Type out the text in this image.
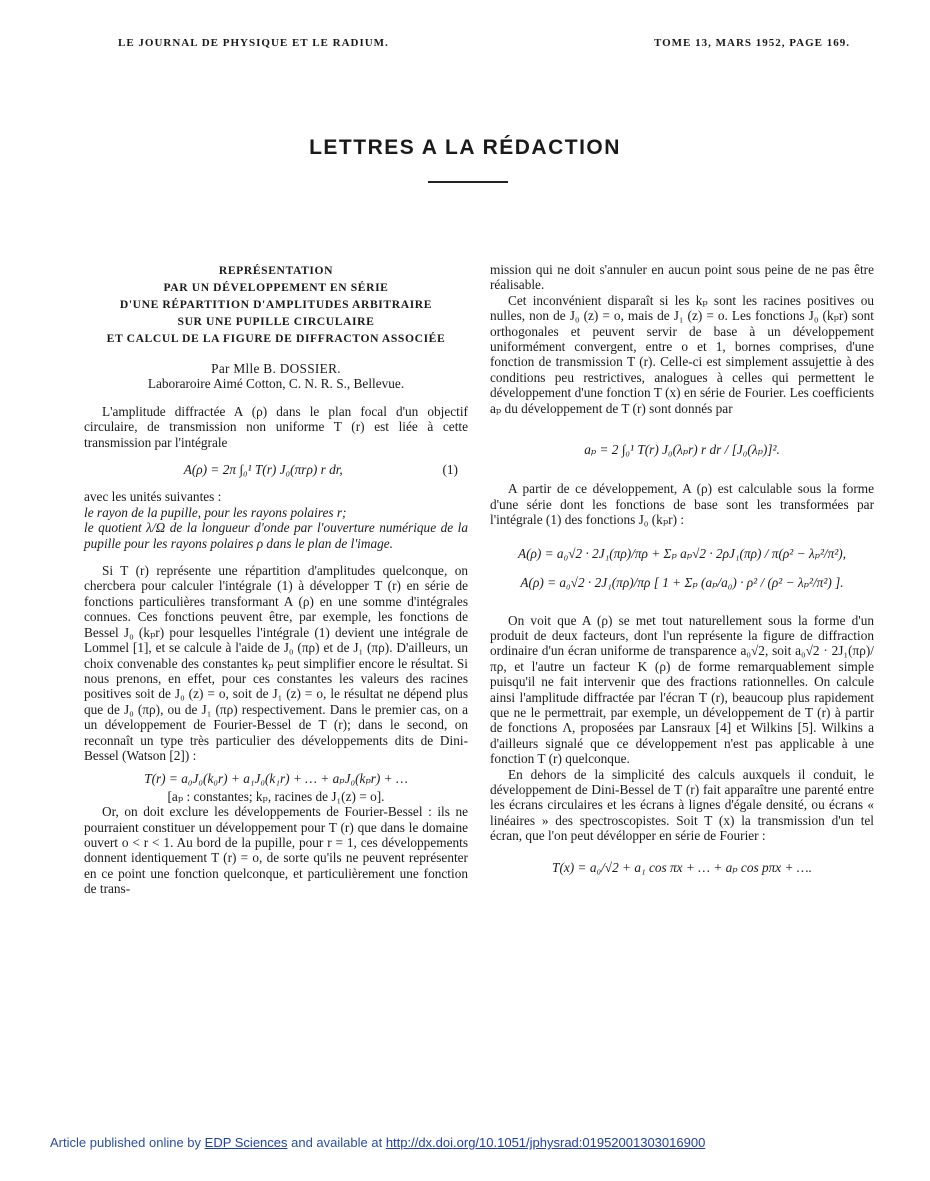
LE JOURNAL DE PHYSIQUE ET LE RADIUM.	TOME 13, MARS 1952, PAGE 169.
LETTRES A LA RÉDACTION
REPRÉSENTATION
PAR UN DÉVELOPPEMENT EN SÉRIE
D'UNE RÉPARTITION D'AMPLITUDES ARBITRAIRE
SUR UNE PUPILLE CIRCULAIRE
ET CALCUL DE LA FIGURE DE DIFFRACTON ASSOCIÉE

Par Mlle B. DOSSIER.

Laboraroire Aimé Cotton, C. N. R. S., Bellevue.

L'amplitude diffractée A (ρ) dans le plan focal d'un objectif circulaire, de transmission non uniforme T (r) est liée à cette transmission par l'intégrale

(1)
A(ρ) = 2π ∫₀¹ T(r) J₀(πrρ) r dr,

avec les unités suivantes :

le rayon de la pupille, pour les rayons polaires r;

le quotient λ/Ω de la longueur d'onde par l'ouverture numérique de la pupille pour les rayons polaires ρ dans le plan de l'image.

Si T (r) représente une répartition d'amplitudes quelconque, on chercbera pour calculer l'intégrale (1) à développer T (r) en série de fonctions particulières transformant A (ρ) en une somme d'intégrales connues. Ces fonctions peuvent être, par exemple, les fonctions de Bessel J₀ (kₚr) pour lesquelles l'intégrale (1) devient une intégrale de Lommel [1], et se calcule à l'aide de J₀ (πρ) et de J₁ (πρ). D'ailleurs, un choix convenable des constantes kₚ peut simplifier encore le résultat. Si nous prenons, en effet, pour ces constantes les valeurs des racines positives soit de J₀ (z) = o, soit de J₁ (z) = o, le résultat ne dépend plus que de J₀ (πρ), ou de J₁ (πρ) respectivement. Dans le premier cas, on a un développement de Fourier-Bessel de T (r); dans le second, on reconnaît un type très particulier des développements dits de Dini-Bessel (Watson [2]) :

T(r) = a₀J₀(k₀r) + a₁J₀(k₁r) + … + aₚJ₀(kₚr) + …

[aₚ : constantes; kₚ, racines de J₁(z) = o].

Or, on doit exclure les développements de Fourier-Bessel : ils ne pourraient constituer un développement pour T (r) que dans le domaine ouvert o < r < 1. Au bord de la pupille, pour r = 1, ces développements donnent identiquement T (r) = o, de sorte qu'ils ne peuvent représenter en ce point une fonction quelconque, et particulièrement une fonction de trans-

mission qui ne doit s'annuler en aucun point sous peine de ne pas être réalisable.

Cet inconvénient disparaît si les kₚ sont les racines positives ou nulles, non de J₀ (z) = o, mais de J₁ (z) = o. Les fonctions J₀ (kₚr) sont orthogonales et peuvent servir de base à un développement uniformément convergent, entre o et 1, bornes comprises, d'une fonction de transmission T (r). Celle-ci est simplement assujettie à des conditions peu restrictives, analogues à celles qui permettent le développement d'une fonction T (x) en série de Fourier. Les coefficients aₚ du développement de T (r) sont donnés par

aₚ = 2 ∫₀¹ T(r) J₀(λₚr) r dr / [J₀(λₚ)]².

A partir de ce développement, A (ρ) est calculable sous la forme d'une série dont les fonctions de base sont les transformées par l'intégrale (1) des fonctions J₀ (kₚr) :

A(ρ) = a₀√2 · 2J₁(πρ)/πρ + Σₚ aₚ√2 · 2ρJ₁(πρ) / π(ρ² − λₚ²/π²),
A(ρ) = a₀√2 · 2J₁(πρ)/πρ [ 1 + Σₚ (aₚ/a₀) · ρ² / (ρ² − λₚ²/π²) ].

On voit que A (ρ) se met tout naturellement sous la forme d'un produit de deux facteurs, dont l'un représente la figure de diffraction ordinaire d'un écran uniforme de transparence a₀√2, soit a₀√2 · 2J₁(πρ)/πρ, et l'autre un facteur K (ρ) de forme remarquablement simple puisqu'il ne fait intervenir que des fractions rationnelles. On calcule ainsi l'amplitude diffractée par l'écran T (r), beaucoup plus rapidement que ne le permettrait, par exemple, un développement de T (r) à partir de fonctions Λ, proposées par Lansraux [4] et Wilkins [5]. Wilkins a d'ailleurs signalé que ce développement n'est pas applicable à une fonction T (r) quelconque.

En dehors de la simplicité des calculs auxquels il conduit, le développement de Dini-Bessel de T (r) fait apparaître une parenté entre les écrans circulaires et les écrans à lignes d'égale densité, ou écrans « linéaires » des spectroscopistes. Soit T (x) la transmission d'un tel écran, que l'on peut dévélopper en série de Fourier :

T(x) = a₀/√2 + a₁ cos πx + … + aₚ cos pπx + ….
Article published online by EDP Sciences and available at http://dx.doi.org/10.1051/jphysrad:01952001303016900
